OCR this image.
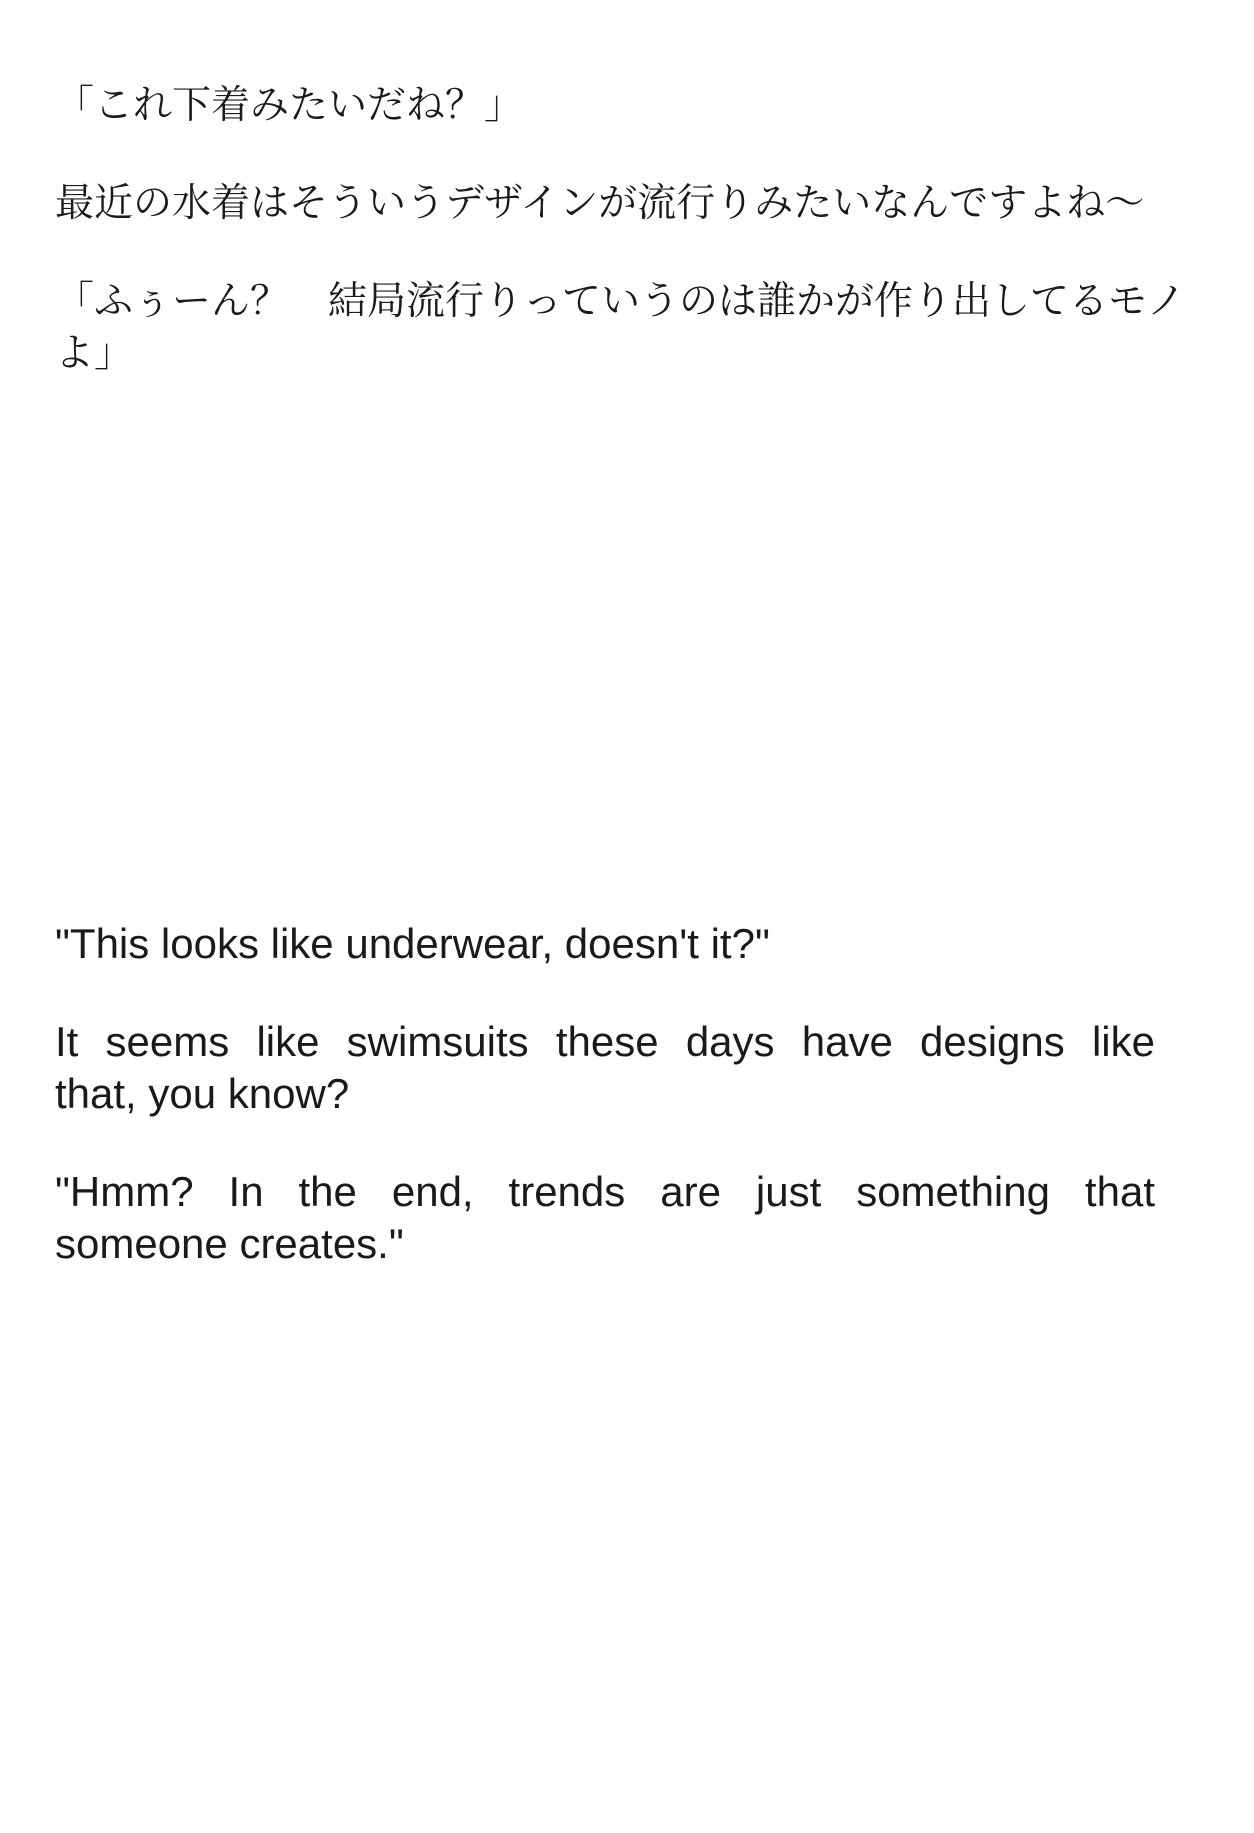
「これ下着みたいだね？」
最近の水着はそういうデザインが流行りみたいなんですよね～
「ふぅーん？　結局流行りっていうのは誰かが作り出してるモノ
よ」
"This looks like underwear, doesn't it?"
It seems like swimsuits these days have designs like
that, you know?
"Hmm? In the end, trends are just something that
someone creates."
